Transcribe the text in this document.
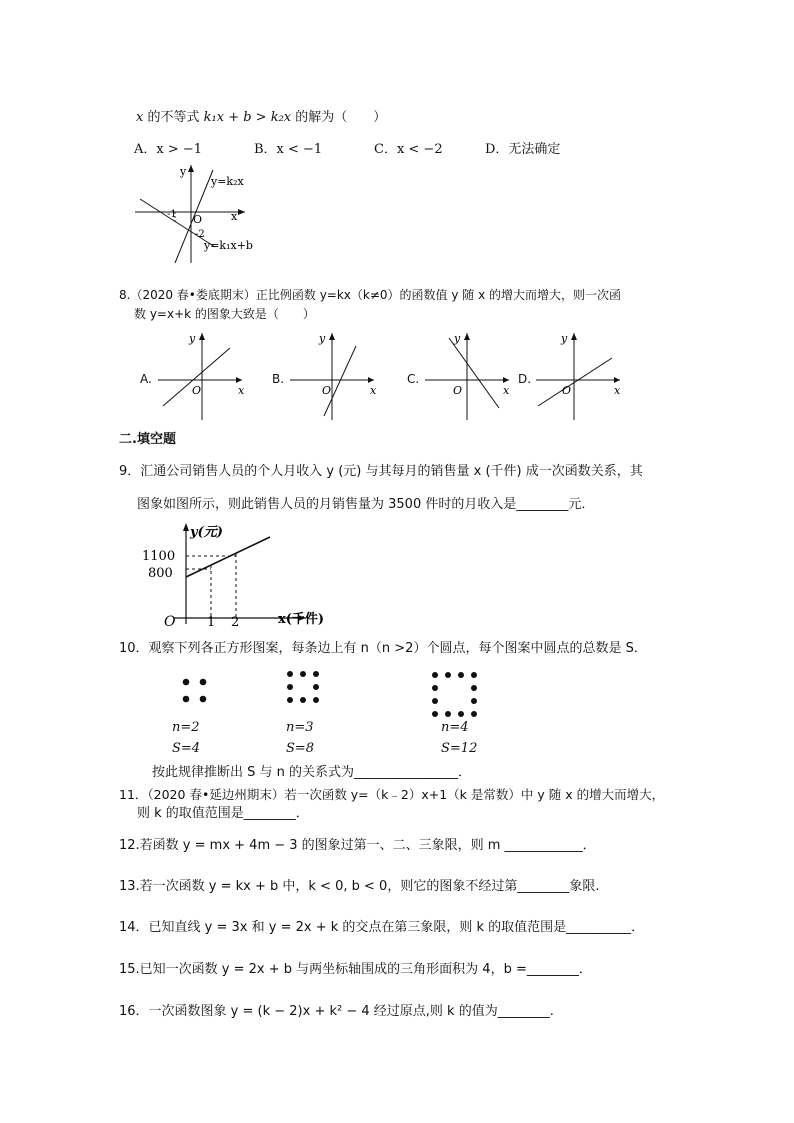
x 的不等式 k₁x + b > k₂x 的解为（　　）
A．x > −1	B．x < −1	C．x < −2	D．无法确定
y
x
O
-1
-2
y=k₂x
y=k₁x+b
8.（2020 春•娄底期末）正比例函数 y=kx（k≠0）的函数值 y 随 x 的增大而增大，则一次函
数 y=x+k 的图象大致是（　　）
A.
O	x
y
B.
O	x
y
C.
O	x
y
D.
O	x
y
二.填空题
9．汇通公司销售人员的个人月收入 y (元) 与其每月的销售量 x (千件) 成一次函数关系，其
图象如图所示，则此销售人员的月销售量为 3500 件时的月收入是________元．
y(元)
1100
800
1 2
O	x(千件)
10．观察下列各正方形图案，每条边上有 n（n >2）个圆点，每个图案中圆点的总数是 S．
n=2
S=4
n=3
S=8
n=4
S=12
按此规律推断出 S 与 n 的关系式为________________．
11．（2020 春•延边州期末）若一次函数 y=（k﹣2）x+1（k 是常数）中 y 随 x 的增大而增大，
则 k 的取值范围是________．
12.若函数 y = mx + 4m − 3 的图象过第一、二、三象限，则 m ____________．
13.若一次函数 y = kx + b 中，k < 0, b < 0，则它的图象不经过第________象限.
14．已知直线 y = 3x 和 y = 2x + k 的交点在第三象限，则 k 的取值范围是__________．
15.已知一次函数 y = 2x + b 与两坐标轴围成的三角形面积为 4，b =________．
16．一次函数图象 y = (k − 2)x + k² − 4 经过原点,则 k 的值为________.
